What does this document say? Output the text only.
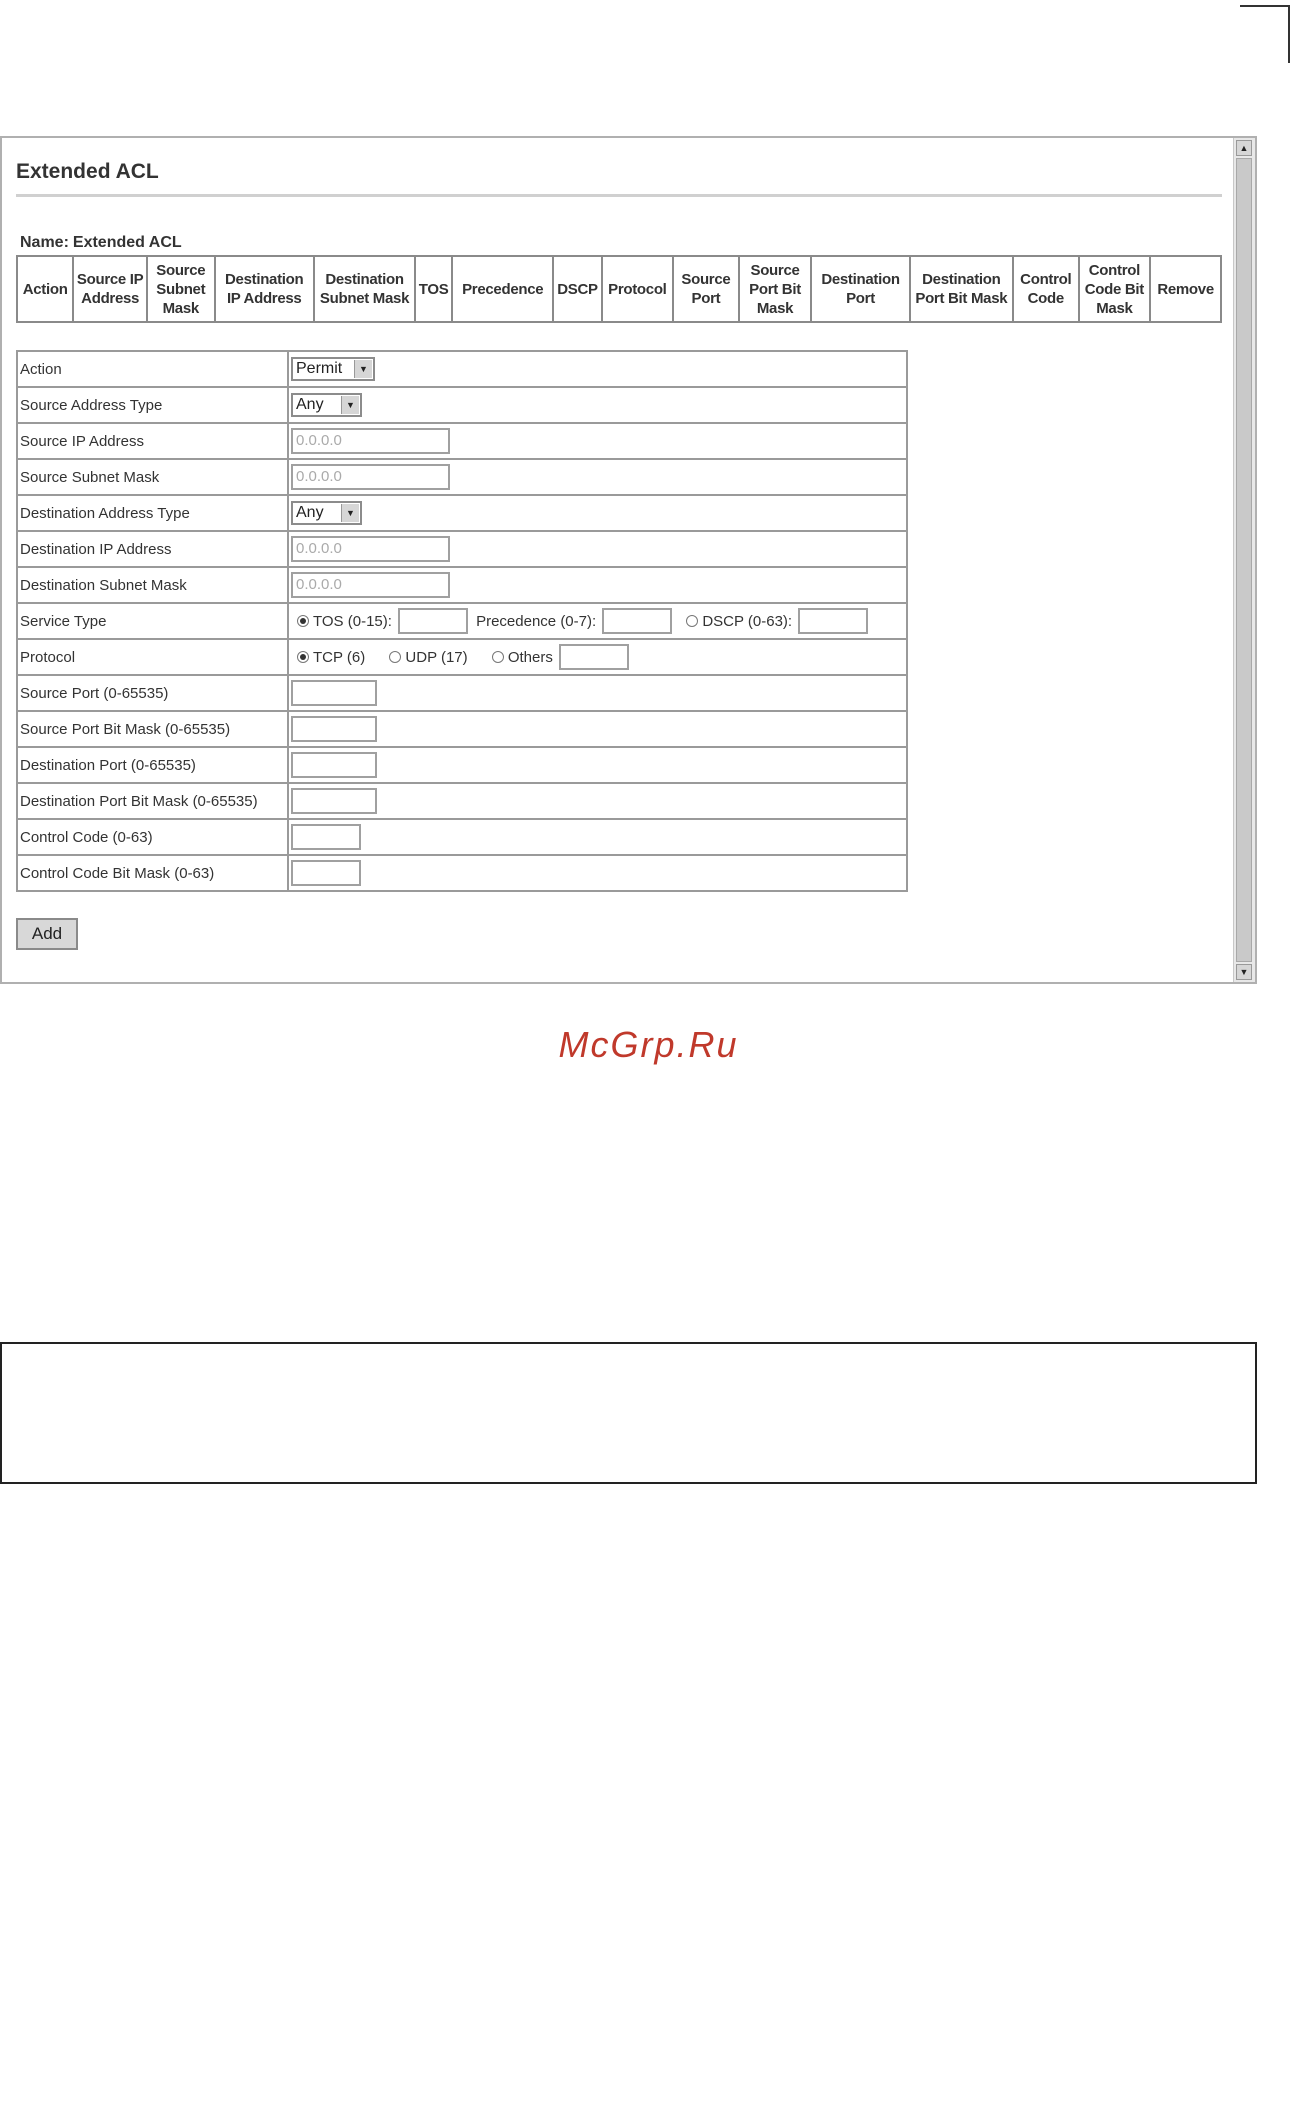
Extended ACL
Name: Extended ACL
Action	Source IP Address	Source Subnet Mask	Destination IP Address	Destination Subnet Mask	TOS	Precedence	DSCP	Protocol	Source Port	Source Port Bit Mask	Destination Port	Destination Port Bit Mask	Control Code	Control Code Bit Mask	Remove
Action	Permit ▼

Source Address Type	Any ▼

Source IP Address	0.0.0.0
Source Subnet Mask	0.0.0.0
Destination Address Type	Any ▼

Destination IP Address	0.0.0.0
Destination Subnet Mask	0.0.0.0
Service Type	TOS (0-15): Precedence (0-7): DSCP (0-63):
Protocol	TCP (6) UDP (17) Others
Source Port (0-65535)	
Source Port Bit Mask (0-65535)	
Destination Port (0-65535)	
Destination Port Bit Mask (0-65535)	
Control Code (0-63)	
Control Code Bit Mask (0-63)	
Add
▲
▼
McGrp.Ru
